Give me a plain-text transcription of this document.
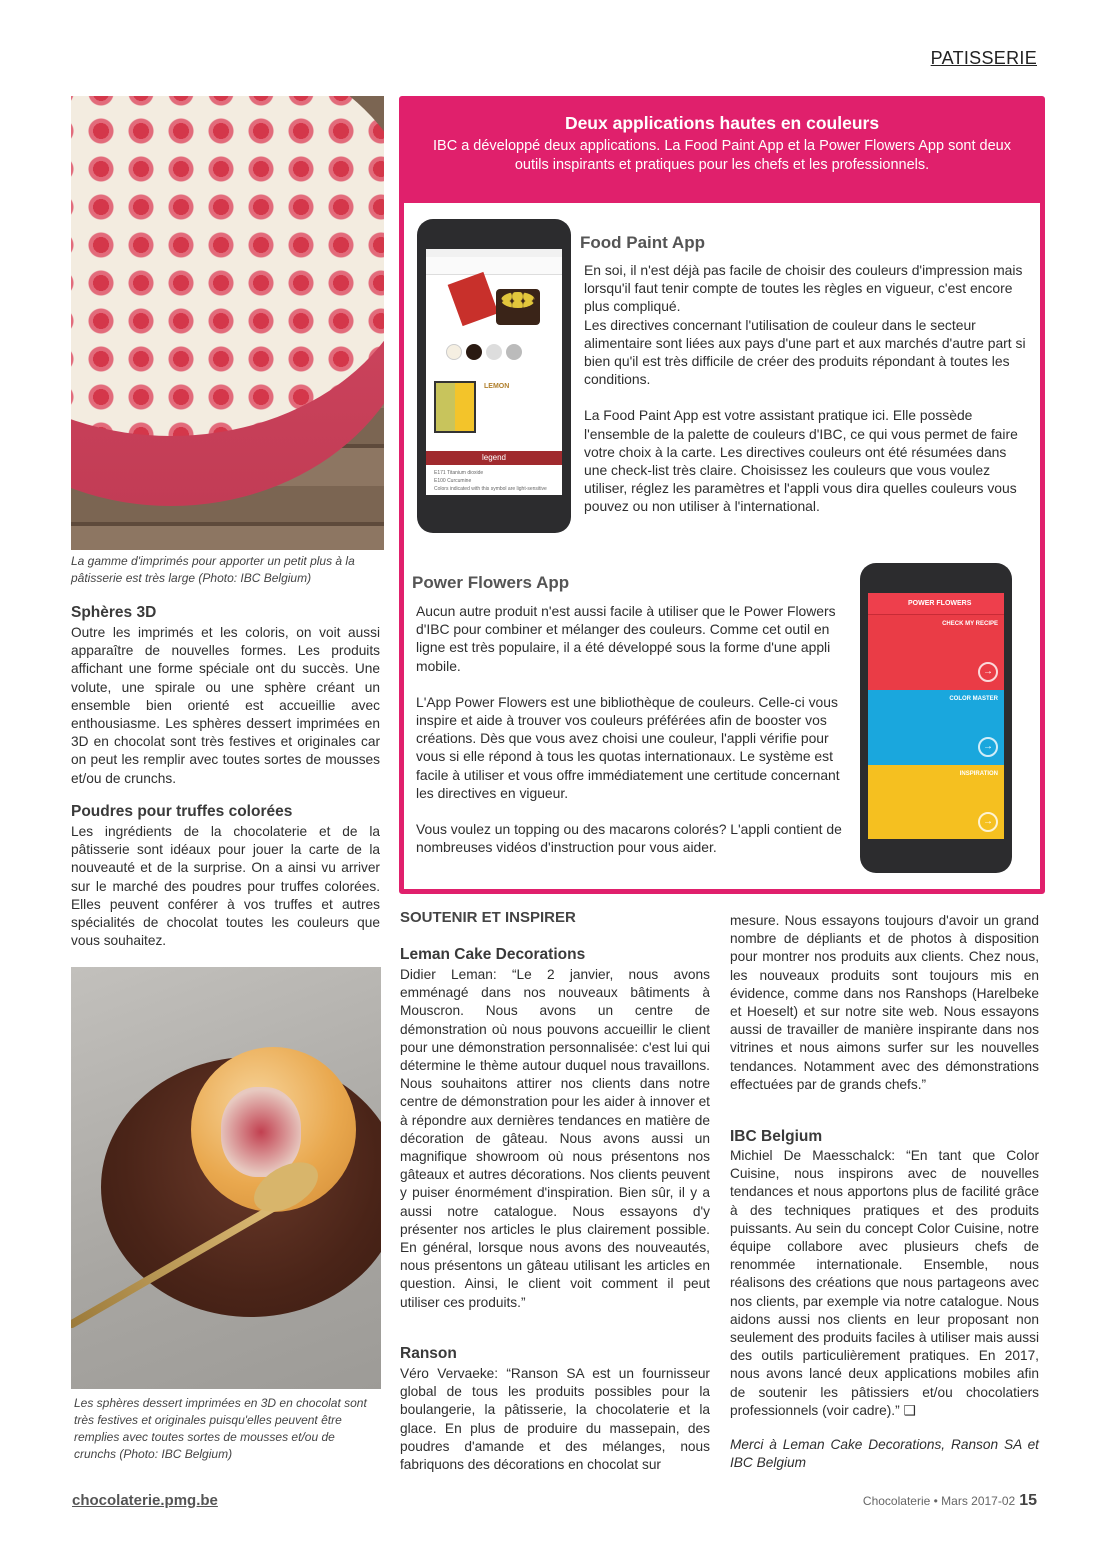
PATISSERIE
La gamme d'imprimés pour apporter un petit plus à la pâtisserie est très large (Photo: IBC Belgium)
Sphères 3D
Outre les imprimés et les coloris, on voit aussi apparaître de nouvelles formes. Les produits affichant une forme spéciale ont du succès. Une volute, une spirale ou une sphère créant un ensemble bien orienté est accueillie avec enthousiasme. Les sphères dessert imprimées en 3D en chocolat sont très festives et originales car on peut les remplir avec toutes sortes de mousses et/ou de crunchs.
Poudres pour truffes colorées
Les ingrédients de la chocolaterie et de la pâtisserie sont idéaux pour jouer la carte de la nouveauté et de la surprise. On a ainsi vu arriver sur le marché des poudres pour truffes colorées. Elles peuvent conférer à vos truffes et autres spécialités de chocolat toutes les couleurs que vous souhaitez.
Les sphères dessert imprimées en 3D en chocolat sont très festives et originales puisqu'elles peuvent être remplies avec toutes sortes de mousses et/ou de crunchs (Photo: IBC Belgium)
Deux applications hautes en couleurs
IBC a développé deux applications. La Food Paint App et la Power Flowers App sont deux outils inspirants et pratiques pour les chefs et les professionnels.
LEMON
legend
E171 Titanium dioxide
E100 Curcumine
Colors indicated with this symbol are light-sensitive
Food Paint App
En soi, il n'est déjà pas facile de choisir des couleurs d'impression mais lorsqu'il faut tenir compte de toutes les règles en vigueur, c'est encore plus compliqué.
Les directives concernant l'utilisation de couleur dans le secteur alimentaire sont liées aux pays d'une part et aux marchés d'autre part si bien qu'il est très difficile de créer des produits répondant à toutes les conditions.
La Food Paint App est votre assistant pratique ici. Elle possède l'ensemble de la palette de couleurs d'IBC, ce qui vous permet de faire votre choix à la carte. Les directives couleurs ont été résumées dans une check-list très claire. Choisissez les couleurs que vous voulez utiliser, réglez les paramètres et l'appli vous dira quelles couleurs vous pouvez ou non utiliser à l'international.
Power Flowers App
Aucun autre produit n'est aussi facile à utiliser que le Power Flowers d'IBC pour combiner et mélanger des couleurs. Comme cet outil en ligne est très populaire, il a été développé sous la forme d'une appli mobile.
L'App Power Flowers est une bibliothèque de couleurs. Celle-ci vous inspire et aide à trouver vos couleurs préférées afin de booster vos créations. Dès que vous avez choisi une couleur, l'appli vérifie pour vous si elle répond à tous les quotas internationaux. Le système est facile à utiliser et vous offre immédiatement une certitude concernant les directives en vigueur.
Vous voulez un topping ou des macarons colorés? L'appli contient de nombreuses vidéos d'instruction pour vous aider.
POWER FLOWERS
CHECK MY RECIPE
→
COLOR MASTER
→
INSPIRATION
→
SOUTENIR ET INSPIRER
Leman Cake Decorations
Didier Leman: “Le 2 janvier, nous avons emménagé dans nos nouveaux bâtiments à Mouscron. Nous avons un centre de démonstration où nous pouvons accueillir le client pour une démonstration personnalisée: c'est lui qui détermine le thème autour duquel nous travaillons. Nous souhaitons attirer nos clients dans notre centre de démonstration pour les aider à innover et à répondre aux dernières tendances en matière de décoration de gâteau. Nous avons aussi un magnifique showroom où nous présentons nos gâteaux et autres décorations. Nos clients peuvent y puiser énormément d'inspiration. Bien sûr, il y a aussi notre catalogue. Nous essayons d'y présenter nos articles le plus clairement possible. En général, lorsque nous avons des nouveautés, nous présentons un gâteau utilisant les articles en question. Ainsi, le client voit comment il peut utiliser ces produits.”
Ranson
Véro Vervaeke: “Ranson SA est un fournisseur global de tous les produits possibles pour la boulangerie, la pâtisserie, la chocolaterie et la glace. En plus de produire du massepain, des poudres d'amande et des mélanges, nous fabriquons des décorations en chocolat sur
mesure. Nous essayons toujours d'avoir un grand nombre de dépliants et de photos à disposition pour montrer nos produits aux clients. Chez nous, les nouveaux produits sont toujours mis en évidence, comme dans nos Ranshops (Harelbeke et Hoeselt) et sur notre site web. Nous essayons aussi de travailler de manière inspirante dans nos vitrines et nous aimons surfer sur les nouvelles tendances. Notamment avec des démonstrations effectuées par de grands chefs.”
IBC Belgium
Michiel De Maesschalck: “En tant que Color Cuisine, nous inspirons avec de nouvelles tendances et nous apportons plus de facilité grâce à des techniques pratiques et des produits puissants. Au sein du concept Color Cuisine, notre équipe collabore avec plusieurs chefs de renommée internationale. Ensemble, nous réalisons des créations que nous partageons avec nos clients, par exemple via notre catalogue. Nous aidons aussi nos clients en leur proposant non seulement des produits faciles à utiliser mais aussi des outils particulièrement pratiques. En 2017, nous avons lancé deux applications mobiles afin de soutenir les pâtissiers et/ou chocolatiers professionnels (voir cadre).” ❑
Merci à Leman Cake Decorations, Ranson SA et IBC Belgium
chocolaterie.pmg.be	Chocolaterie • Mars 2017-02 15
